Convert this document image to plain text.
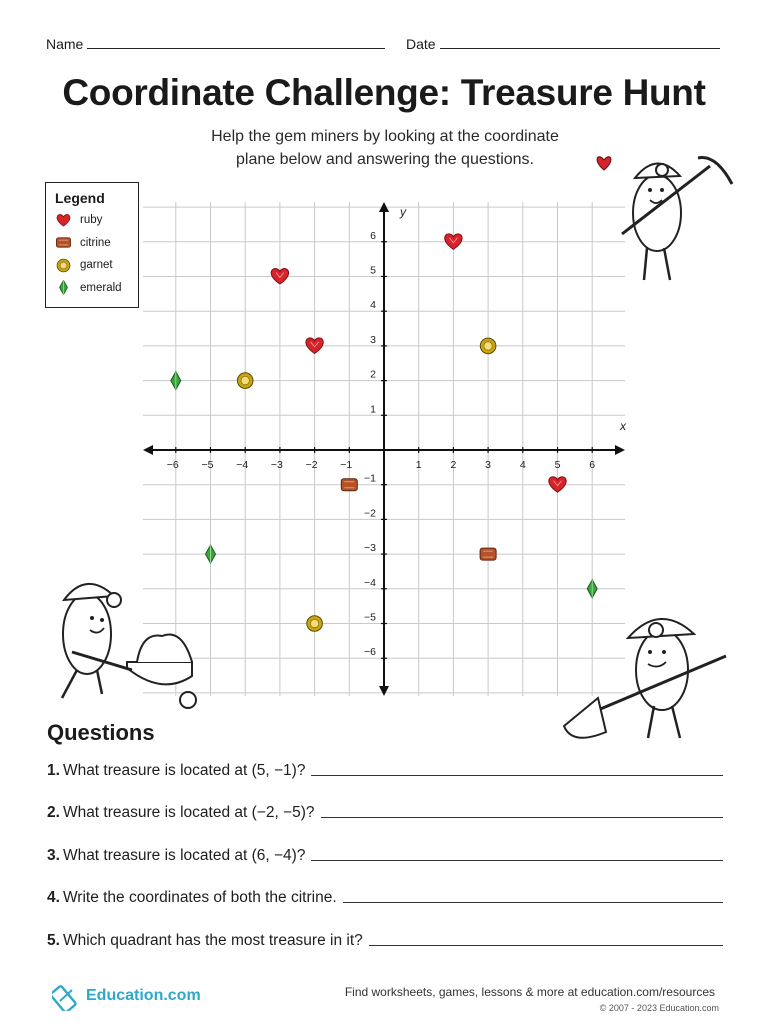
Name	Date
Coordinate Challenge: Treasure Hunt

Help the gem miners by looking at the coordinate
plane below and answering the questions.

x
y
−6 −5 −4 −3 −2 −1	1	2	3	4	5	6
6
5
4
3
2
1
−1
−2
−3
−4
−5
−6
Legend
ruby
citrine
garnet
emerald
Questions
1. What treasure is located at (5, −1)?
2. What treasure is located at (−2, −5)?
3. What treasure is located at (6, −4)?
4. Write the coordinates of both the citrine.
5. Which quadrant has the most treasure in it?
Education.com	Find worksheets, games, lessons & more at education.com/resources
© 2007 - 2023 Education.com
